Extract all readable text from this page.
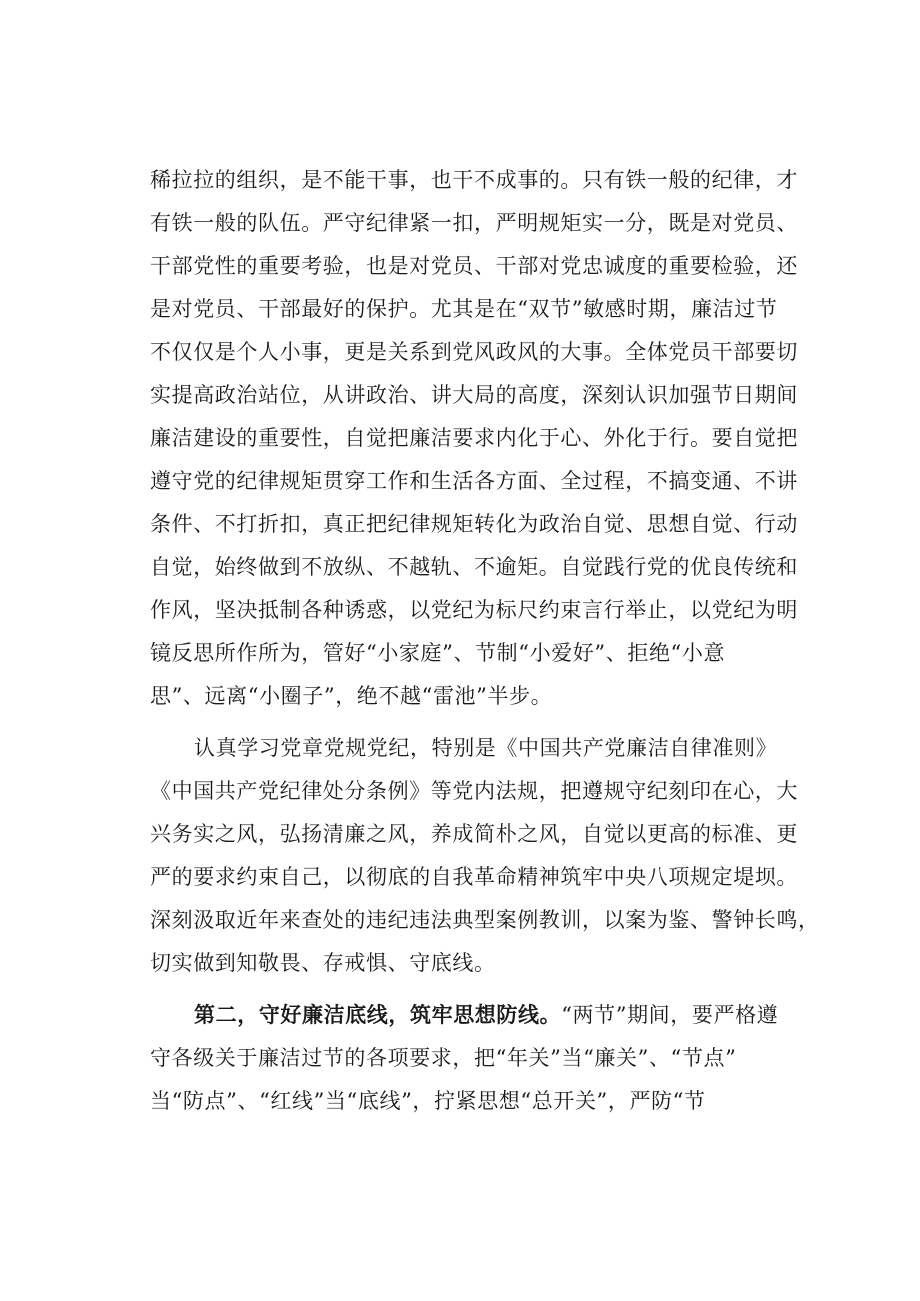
稀拉拉的组织，是不能干事，也干不成事的。只有铁一般的纪律，才
有铁一般的队伍。严守纪律紧一扣，严明规矩实一分，既是对党员、
干部党性的重要考验，也是对党员、干部对党忠诚度的重要检验，还
是对党员、干部最好的保护。尤其是在“双节”敏感时期，廉洁过节
不仅仅是个人小事，更是关系到党风政风的大事。全体党员干部要切
实提高政治站位，从讲政治、讲大局的高度，深刻认识加强节日期间
廉洁建设的重要性，自觉把廉洁要求内化于心、外化于行。要自觉把
遵守党的纪律规矩贯穿工作和生活各方面、全过程，不搞变通、不讲
条件、不打折扣，真正把纪律规矩转化为政治自觉、思想自觉、行动
自觉，始终做到不放纵、不越轨、不逾矩。自觉践行党的优良传统和
作风，坚决抵制各种诱惑，以党纪为标尺约束言行举止，以党纪为明
镜反思所作所为，管好“小家庭”、节制“小爱好”、拒绝“小意
思”、远离“小圈子”，绝不越“雷池”半步。
认真学习党章党规党纪，特别是《中国共产党廉洁自律准则》
《中国共产党纪律处分条例》等党内法规，把遵规守纪刻印在心，大
兴务实之风，弘扬清廉之风，养成简朴之风，自觉以更高的标准、更
严的要求约束自己，以彻底的自我革命精神筑牢中央八项规定堤坝。
深刻汲取近年来查处的违纪违法典型案例教训，以案为鉴、警钟长鸣，
切实做到知敬畏、存戒惧、守底线。
第二，守好廉洁底线，筑牢思想防线。“两节”期间，要严格遵
守各级关于廉洁过节的各项要求，把“年关”当“廉关”、“节点”
当“防点”、“红线”当“底线”，拧紧思想“总开关”，严防“节
